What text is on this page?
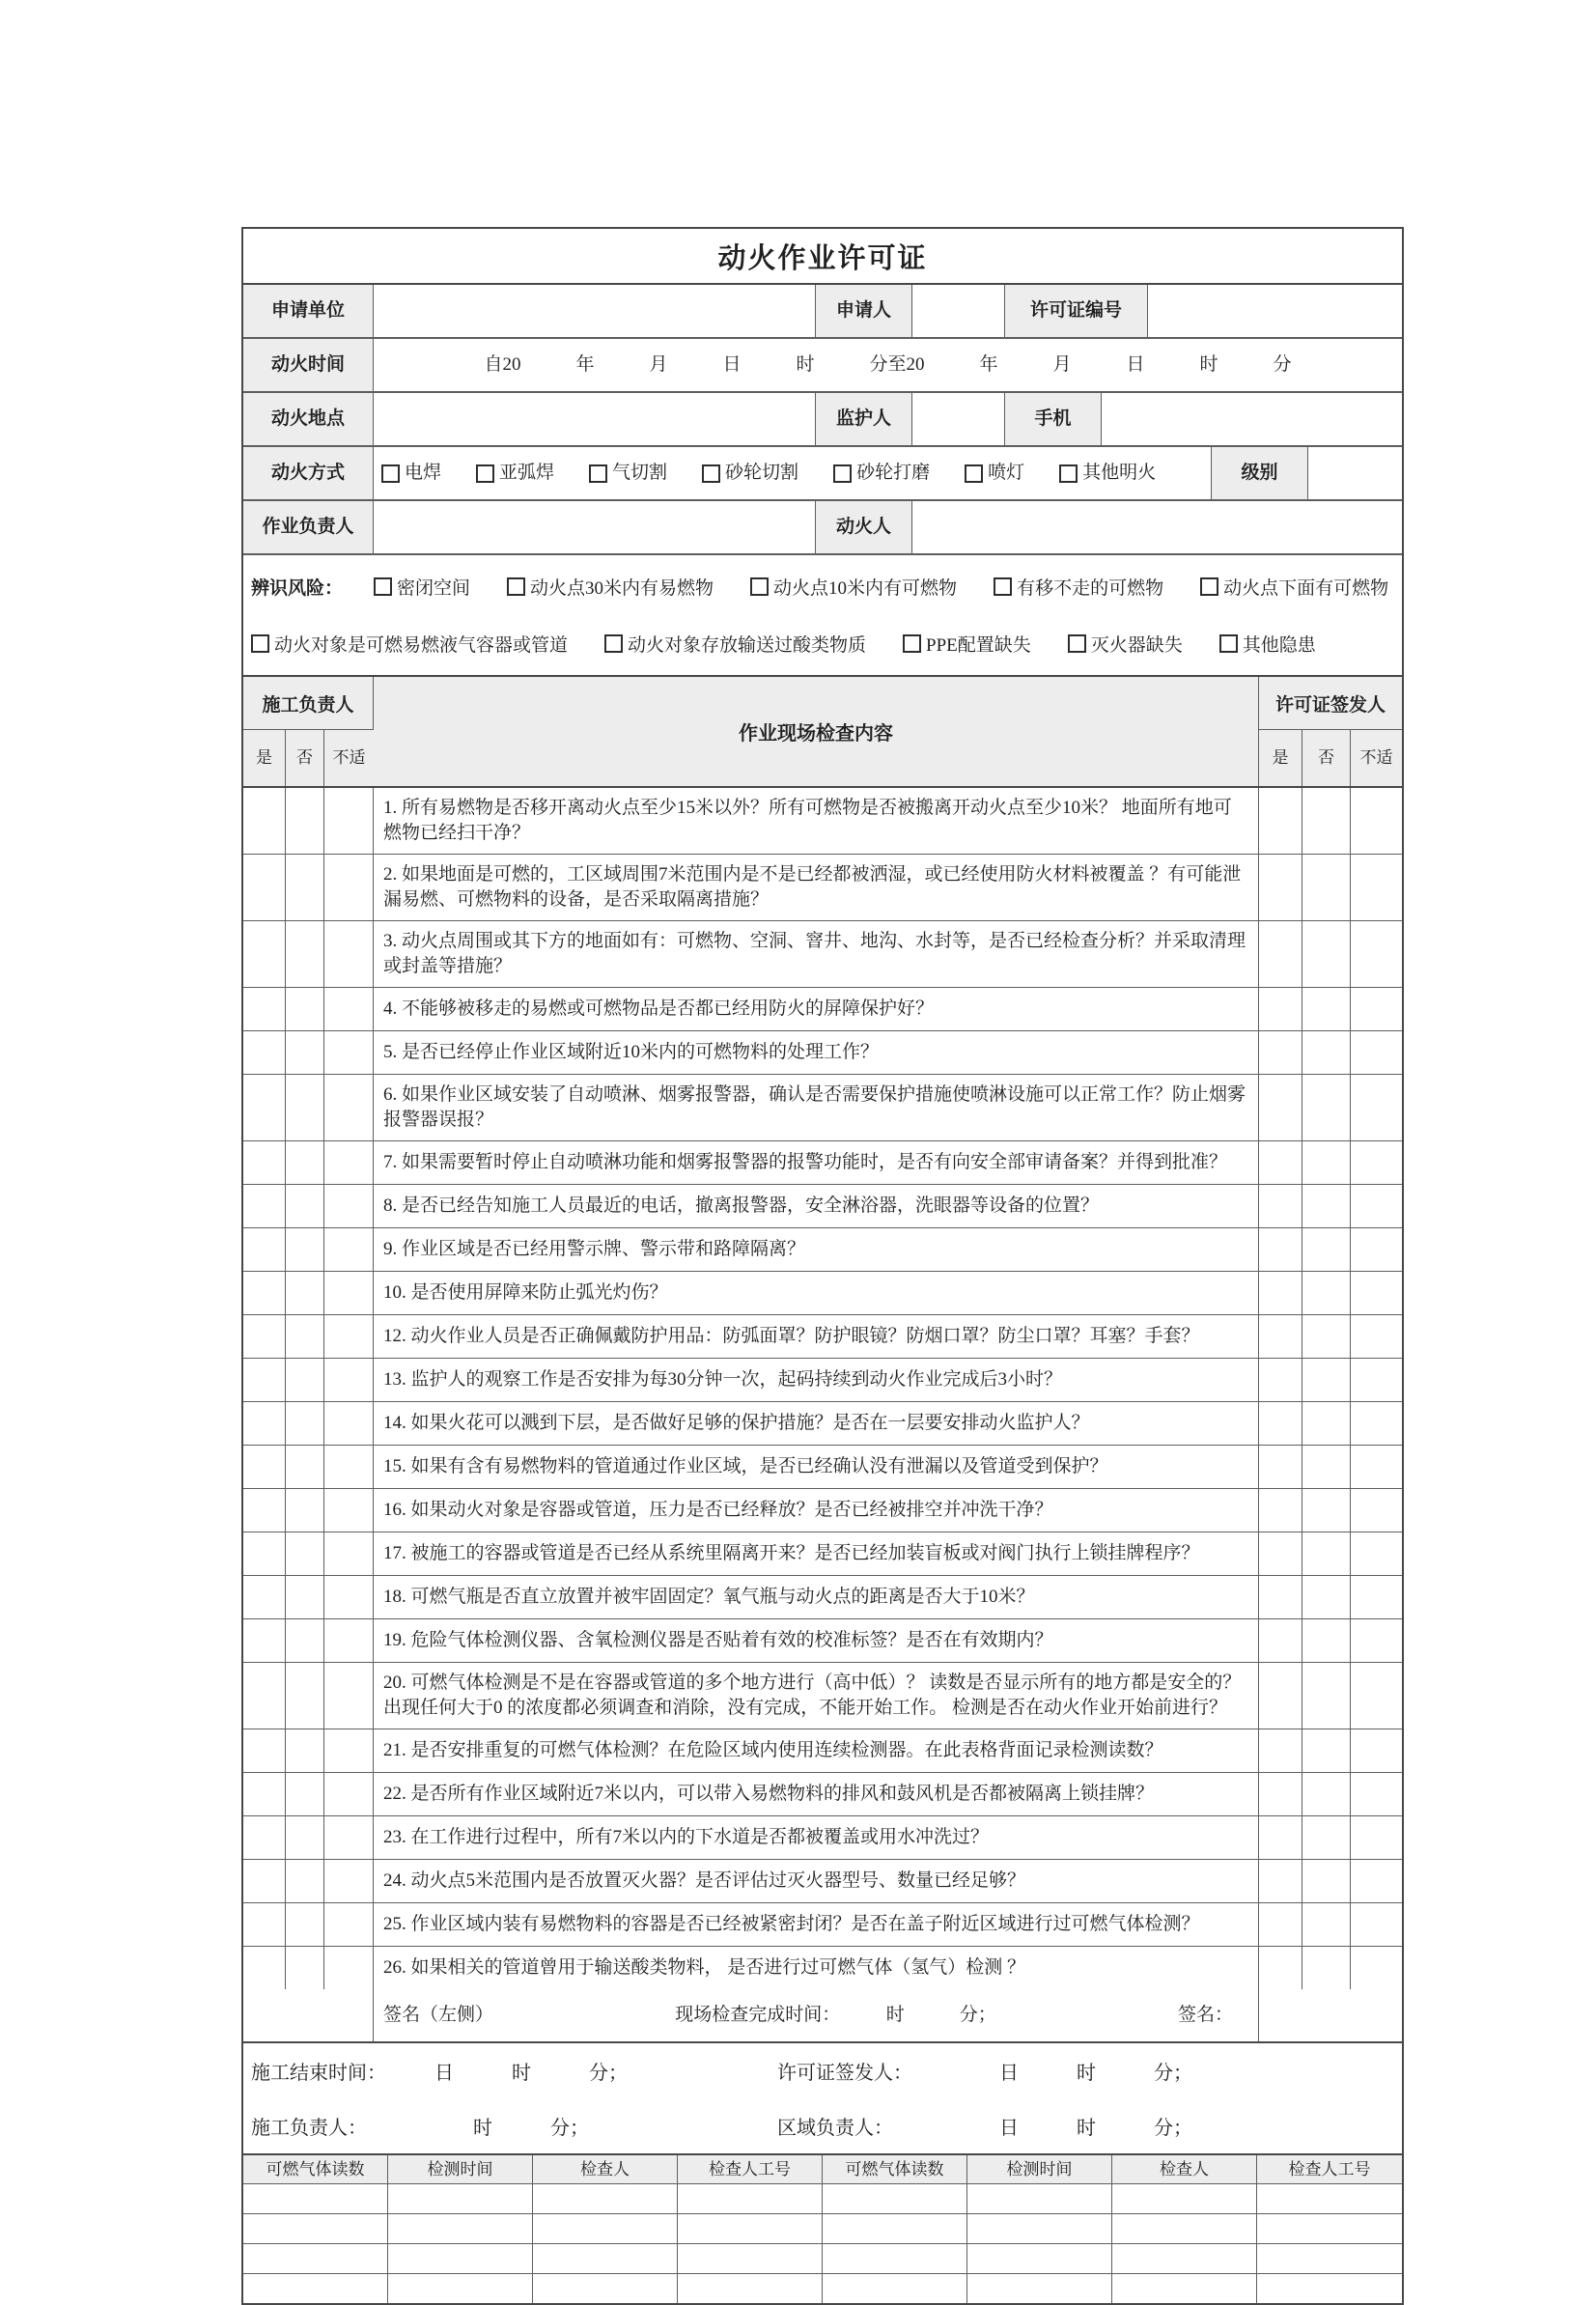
动火作业许可证
申请单位	申请人	许可证编号
动火时间	自20　　　年　　　月　　　日　　　时　　　分至20　　　年　　　月　　　日　　　时　　　分
动火地点	监护人	手机
动火方式	电焊	亚弧焊	气切割	砂轮切割	砂轮打磨	喷灯	其他明火	级别
作业负责人	动火人
辨识风险：	密闭空间	动火点30米内有易燃物	动火点10米内有可燃物	有移不走的可燃物	动火点下面有可燃物
动火对象是可燃易燃液气容器或管道	动火对象存放输送过酸类物质	PPE配置缺失	灭火器缺失	其他隐患
施工负责人
是	否	不适
作业现场检查内容
许可证签发人
是	否	不适
1. 所有易燃物是否移开离动火点至少15米以外？所有可燃物是否被搬离开动火点至少10米？ 地面所有地可燃物已经扫干净？
2. 如果地面是可燃的，工区域周围7米范围内是不是已经都被洒湿，或已经使用防火材料被覆盖 ？有可能泄漏易燃、可燃物料的设备，是否采取隔离措施？
3. 动火点周围或其下方的地面如有：可燃物、空洞、窨井、地沟、水封等，是否已经检查分析？并采取清理或封盖等措施？
4. 不能够被移走的易燃或可燃物品是否都已经用防火的屏障保护好？
5. 是否已经停止作业区域附近10米内的可燃物料的处理工作？
6. 如果作业区域安装了自动喷淋、烟雾报警器，确认是否需要保护措施使喷淋设施可以正常工作？防止烟雾报警器误报？
7. 如果需要暂时停止自动喷淋功能和烟雾报警器的报警功能时，是否有向安全部审请备案？并得到批准？
8. 是否已经告知施工人员最近的电话，撤离报警器，安全淋浴器，洗眼器等设备的位置？
9. 作业区域是否已经用警示牌、警示带和路障隔离？
10. 是否使用屏障来防止弧光灼伤？
12. 动火作业人员是否正确佩戴防护用品：防弧面罩？防护眼镜？防烟口罩？防尘口罩？耳塞？手套？
13. 监护人的观察工作是否安排为每30分钟一次，起码持续到动火作业完成后3小时？
14. 如果火花可以溅到下层，是否做好足够的保护措施？是否在一层要安排动火监护人？
15. 如果有含有易燃物料的管道通过作业区域，是否已经确认没有泄漏以及管道受到保护？
16. 如果动火对象是容器或管道，压力是否已经释放？是否已经被排空并冲洗干净？
17. 被施工的容器或管道是否已经从系统里隔离开来？是否已经加装盲板或对阀门执行上锁挂牌程序？
18. 可燃气瓶是否直立放置并被牢固固定？氧气瓶与动火点的距离是否大于10米？
19. 危险气体检测仪器、含氧检测仪器是否贴着有效的校准标签？是否在有效期内？
20. 可燃气体检测是不是在容器或管道的多个地方进行（高中低）？ 读数是否显示所有的地方都是安全的？出现任何大于0 的浓度都必须调查和消除，没有完成，不能开始工作。 检测是否在动火作业开始前进行？
21. 是否安排重复的可燃气体检测？在危险区域内使用连续检测器。在此表格背面记录检测读数？
22. 是否所有作业区域附近7米以内，可以带入易燃物料的排风和鼓风机是否都被隔离上锁挂牌？
23. 在工作进行过程中，所有7米以内的下水道是否都被覆盖或用水冲洗过？
24. 动火点5米范围内是否放置灭火器？是否评估过灭火器型号、数量已经足够？
25. 作业区域内装有易燃物料的容器是否已经被紧密封闭？是否在盖子附近区域进行过可燃气体检测？
26. 如果相关的管道曾用于输送酸类物料， 是否进行过可燃气体（氢气）检测 ？
签名（左侧）	现场检查完成时间：　　　时　　　分；	签名：
施工结束时间：　　　日　　　时　　　分；	许可证签发人：　　　　　日　　　时　　　分；
施工负责人：　　　　　　时　　　分；	区域负责人：　　　　　　日　　　时　　　分；
可燃气体读数	检测时间	检查人	检查人工号	可燃气体读数	检测时间	检查人	检查人工号
